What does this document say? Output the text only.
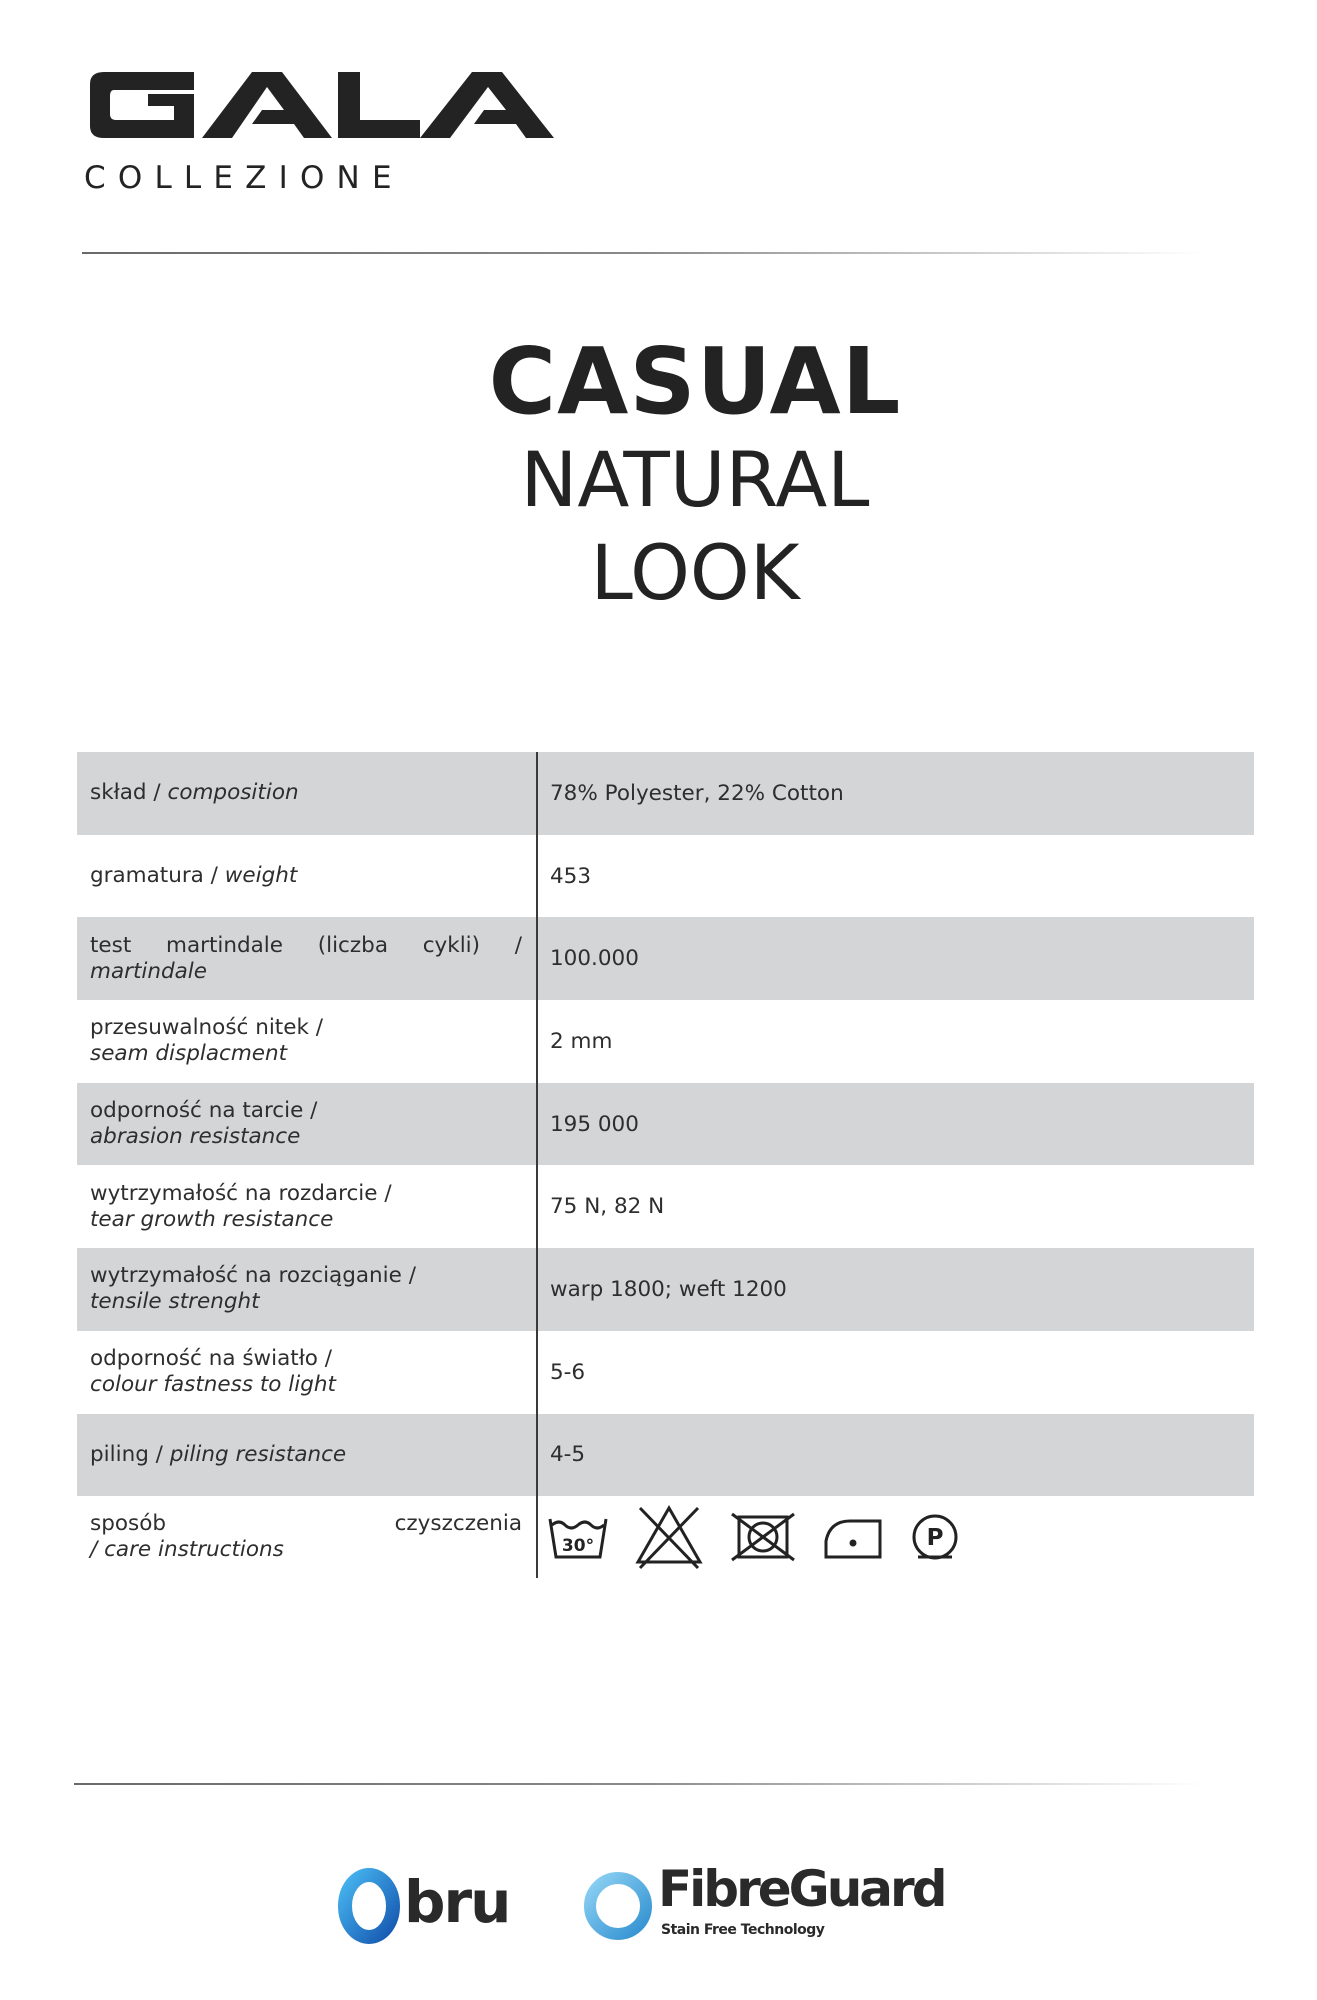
COLLEZIONE
CASUAL
NATURAL
LOOK
skład /
composition	78% Polyester, 22% Cotton
gramatura /
weight	453
test martindale (liczba cykli) /
martindale	100.000
przesuwalność nitek /
seam displacment	2 mm
odporność na tarcie /
abrasion resistance	195 000
wytrzymałość na rozdarcie /
tear growth resistance	75 N, 82 N
wytrzymałość na rozciąganie /
tensile strenght	warp 1800; weft 1200
odporność na światło /
colour fastness to light	5-6
piling /
piling resistance	4-5
sposób czyszczenia
/ care instructions	30°	P
bru	FibreGuard
Stain Free Technology
